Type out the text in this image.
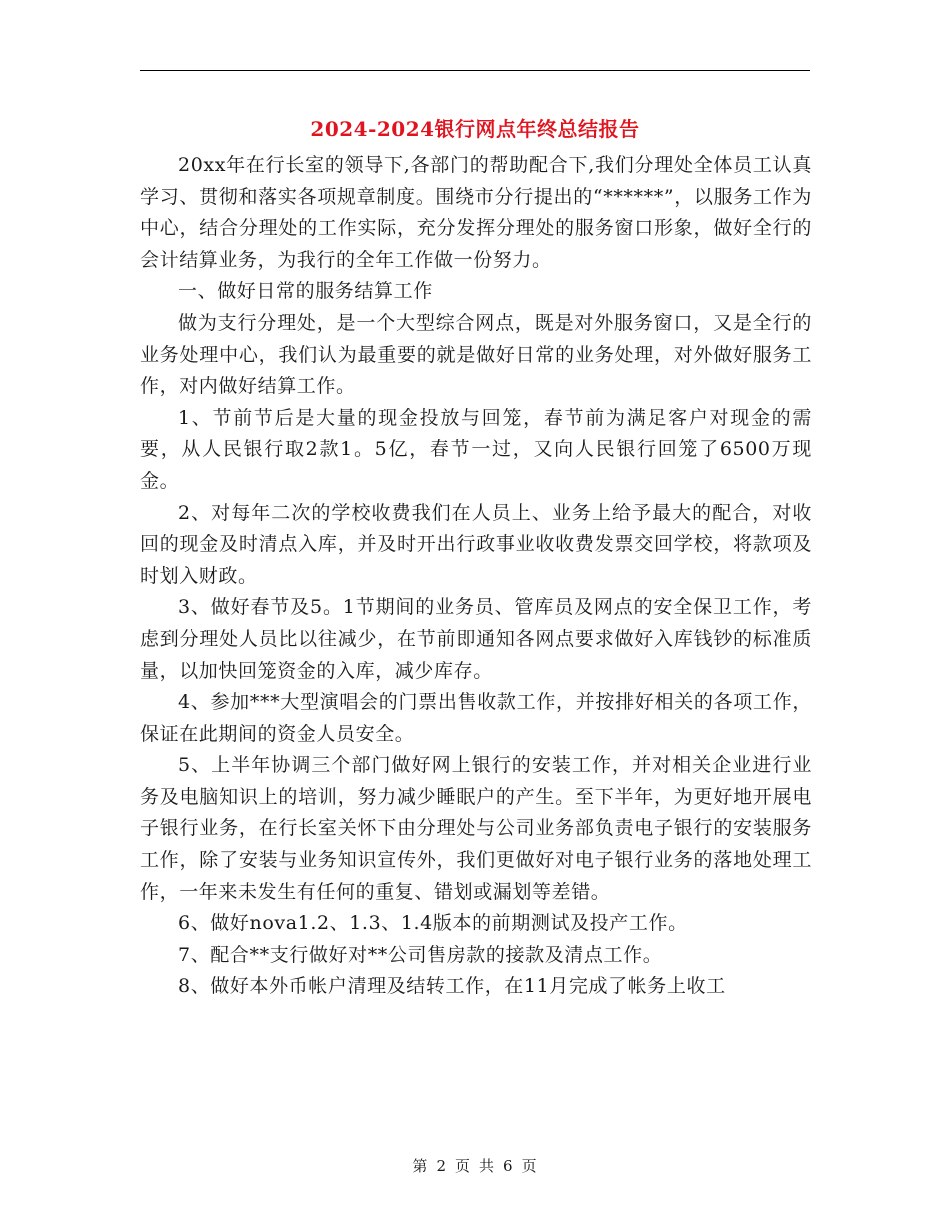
2024-2024银行网点年终总结报告

20xx年在行长室的领导下,各部门的帮助配合下,我们分理处全体员工认真学习、贯彻和落实各项规章制度。围绕市分行提出的“******”，以服务工作为中心，结合分理处的工作实际，充分发挥分理处的服务窗口形象，做好全行的会计结算业务，为我行的全年工作做一份努力。

一、做好日常的服务结算工作

做为支行分理处，是一个大型综合网点，既是对外服务窗口，又是全行的业务处理中心，我们认为最重要的就是做好日常的业务处理，对外做好服务工作，对内做好结算工作。

1、节前节后是大量的现金投放与回笼，春节前为满足客户对现金的需要，从人民银行取2款1。5亿，春节一过，又向人民银行回笼了6500万现金。

2、对每年二次的学校收费我们在人员上、业务上给予最大的配合，对收回的现金及时清点入库，并及时开出行政事业收收费发票交回学校，将款项及时划入财政。

3、做好春节及5。1节期间的业务员、管库员及网点的安全保卫工作，考虑到分理处人员比以往减少，在节前即通知各网点要求做好入库钱钞的标准质量，以加快回笼资金的入库，减少库存。

4、参加***大型演唱会的门票出售收款工作，并按排好相关的各项工作，保证在此期间的资金人员安全。

5、上半年协调三个部门做好网上银行的安装工作，并对相关企业进行业务及电脑知识上的培训，努力减少睡眠户的产生。至下半年，为更好地开展电子银行业务，在行长室关怀下由分理处与公司业务部负责电子银行的安装服务工作，除了安装与业务知识宣传外，我们更做好对电子银行业务的落地处理工作，一年来未发生有任何的重复、错划或漏划等差错。

6、做好nova1.2、1.3、1.4版本的前期测试及投产工作。

7、配合**支行做好对**公司售房款的接款及清点工作。

8、做好本外币帐户清理及结转工作，在11月完成了帐务上收工

第 2 页 共 6 页
